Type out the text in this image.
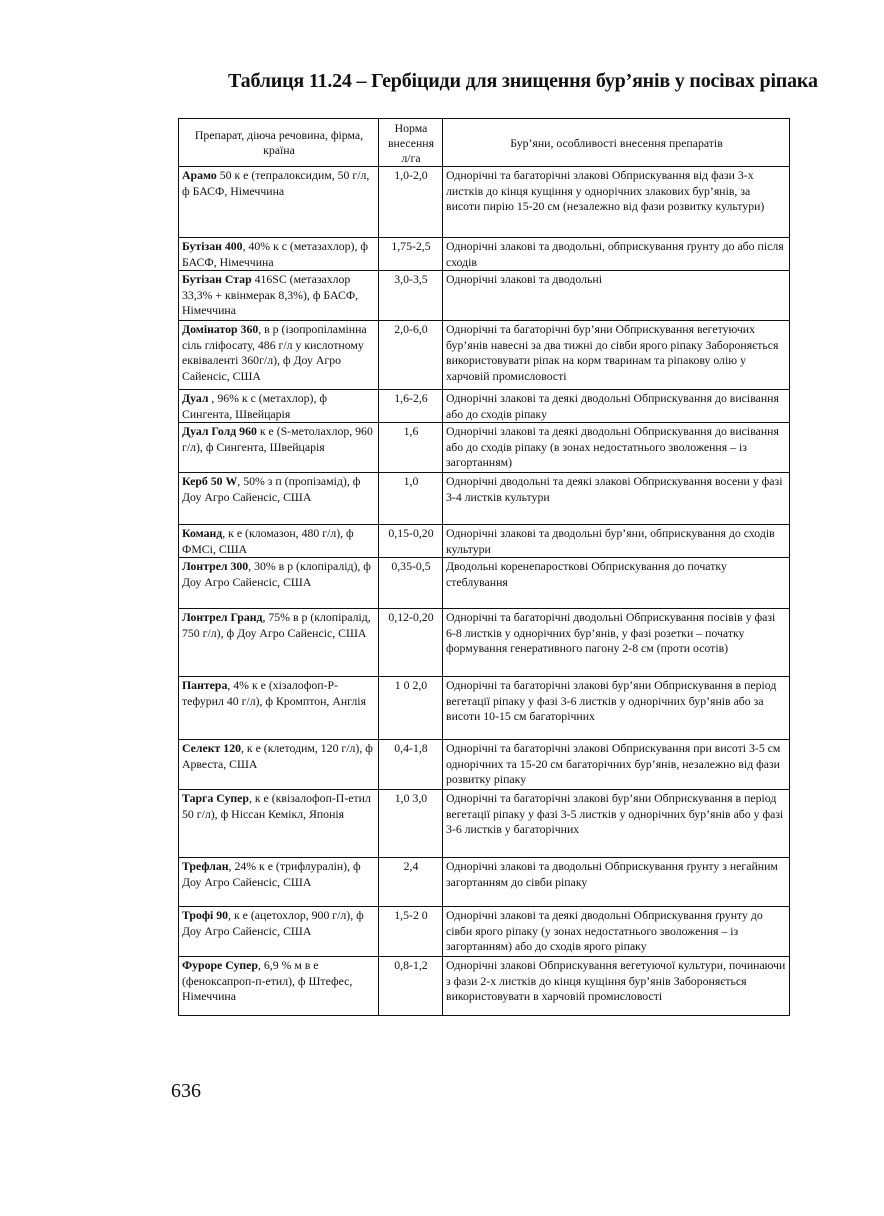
Таблиця 11.24 – Гербіциди для знищення бур’янів у посівах ріпака
Препарат, діюча речовина, фірма, країна	Норма внесення л/га	Бур’яни, особливості внесення препаратів
Арамо 50 к е (тепралоксидим, 50 г/л, ф БАСФ, Німеччина	1,0-2,0	Однорічні та багаторічні злакові Обприскування від фази 3-х листків до кінця кущіння у однорічних злакових бур’янів, за висоти пирію 15-20 см (незалежно від фази розвитку культури)
Бутізан 400, 40% к с (метазахлор), ф БАСФ, Німеччина	1,75-2,5	Однорічні злакові та дводольні, обприскування ґрунту до або після сходів
Бутізан Стар 416SC (метазахлор 33,3% + квінмерак 8,3%), ф БАСФ, Німеччина	3,0-3,5	Однорічні злакові та дводольні
Домінатор 360, в р (ізопропіламінна сіль гліфосату, 486 г/л у кислотному еквіваленті 360г/л), ф Доу Агро Сайенсіс, США	2,0-6,0	Однорічні та багаторічні бур’яни Обприскування вегетуючих бур’янів навесні за два тижні до сівби ярого ріпаку Забороняється використовувати ріпак на корм тваринам та ріпакову олію у харчовій промисловості
Дуал , 96% к с (метахлор), ф Сингента, Швейцарія	1,6-2,6	Однорічні злакові та деякі дводольні Обприскування до висівання або до сходів ріпаку
Дуал Голд 960 к е (S-метолахлор, 960 г/л), ф Сингента, Швейцарія	1,6	Однорічні злакові та деякі дводольні Обприскування до висівання або до сходів ріпаку (в зонах недостатнього зволоження – із загортанням)
Керб 50 W, 50% з п (пропізамід), ф Доу Агро Сайенсіс, США	1,0	Однорічні дводольні та деякі злакові Обприскування восени у фазі 3-4 листків культури
Команд, к е (кломазон, 480 г/л), ф ФМСі, США	0,15-0,20	Однорічні злакові та дводольні бур’яни, обприскування до сходів культури
Лонтрел 300, 30% в р (клопіралід), ф Доу Агро Сайенсіс, США	0,35-0,5	Дводольні коренепаросткові Обприскування до початку стеблування
Лонтрел Гранд, 75% в р (клопіралід, 750 г/л), ф Доу Агро Сайенсіс, США	0,12-0,20	Однорічні та багаторічні дводольні Обприскування посівів у фазі 6-8 листків у однорічних бур’янів, у фазі розетки – початку формування генеративного пагону 2-8 см (проти осотів)
Пантера, 4% к е (хізалофоп-Р-тефурил 40 г/л), ф Кромптон, Англія	1 0 2,0	Однорічні та багаторічні злакові бур’яни Обприскування в період вегетації ріпаку у фазі 3-6 листків у однорічних бур’янів або за висоти 10-15 см багаторічних
Селект 120, к е (клетодим, 120 г/л), ф Арвеста, США	0,4-1,8	Однорічні та багаторічні злакові Обприскування при висоті 3-5 см однорічних та 15-20 см багаторічних бур’янів, незалежно від фази розвитку ріпаку
Тарга Супер, к е (квізалофоп-П-етил 50 г/л), ф Ніссан Кемікл, Японія	1,0 3,0	Однорічні та багаторічні злакові бур’яни Обприскування в період вегетації ріпаку у фазі 3-5 листків у однорічних бур’янів або у фазі 3-6 листків у багаторічних
Трефлан, 24% к е (трифлуралін), ф Доу Агро Сайенсіс, США	2,4	Однорічні злакові та дводольні Обприскування ґрунту з негайним загортанням до сівби ріпаку
Трофі 90, к е (ацетохлор, 900 г/л), ф Доу Агро Сайенсіс, США	1,5-2 0	Однорічні злакові та деякі дводольні Обприскування ґрунту до сівби ярого ріпаку (у зонах недостатнього зволоження – із загортанням) або до сходів ярого ріпаку
Фуроре Супер, 6,9 % м в е (феноксапроп-п-етил), ф Штефес, Німеччина	0,8-1,2	Однорічні злакові Обприскування вегетуючої культури, починаючи з фази 2-х листків до кінця кущіння бур’янів Забороняється використовувати в харчовій промисловості
636
